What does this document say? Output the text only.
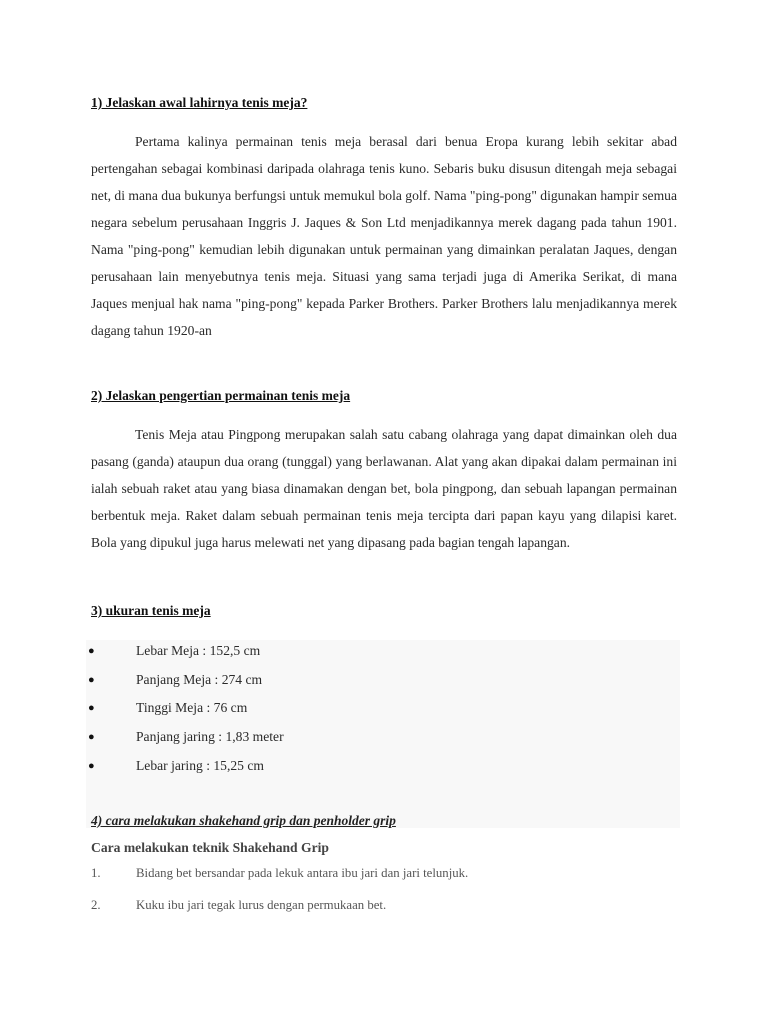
1) Jelaskan awal lahirnya tenis meja?

Pertama kalinya permainan tenis meja berasal dari benua Eropa kurang lebih sekitar abad pertengahan sebagai kombinasi daripada olahraga tenis kuno. Sebaris buku disusun ditengah meja sebagai net, di mana dua bukunya berfungsi untuk memukul bola golf. Nama "ping-pong" digunakan hampir semua negara sebelum perusahaan Inggris J. Jaques & Son Ltd menjadikannya merek dagang pada tahun 1901. Nama "ping-pong" kemudian lebih digunakan untuk permainan yang dimainkan peralatan Jaques, dengan perusahaan lain menyebutnya tenis meja. Situasi yang sama terjadi juga di Amerika Serikat, di mana Jaques menjual hak nama "ping-pong" kepada Parker Brothers. Parker Brothers lalu menjadikannya merek dagang tahun 1920-an

2) Jelaskan pengertian permainan tenis meja

Tenis Meja atau Pingpong merupakan salah satu cabang olahraga yang dapat dimainkan oleh dua pasang (ganda) ataupun dua orang (tunggal) yang berlawanan. Alat yang akan dipakai dalam permainan ini ialah sebuah raket atau yang biasa dinamakan dengan bet, bola pingpong, dan sebuah lapangan permainan berbentuk meja. Raket dalam sebuah permainan tenis meja tercipta dari papan kayu yang dilapisi karet. Bola yang dipukul juga harus melewati net yang dipasang pada bagian tengah lapangan.

3) ukuran tenis meja
●	Lebar Meja : 152,5 cm
●	Panjang Meja : 274 cm
●	Tinggi Meja : 76 cm
●	Panjang jaring : 1,83 meter
●	Lebar jaring : 15,25 cm
4) cara melakukan shakehand grip dan penholder grip
Cara melakukan teknik Shakehand Grip
1.	Bidang bet bersandar pada lekuk antara ibu jari dan jari telunjuk.
2.	Kuku ibu jari tegak lurus dengan permukaan bet.
